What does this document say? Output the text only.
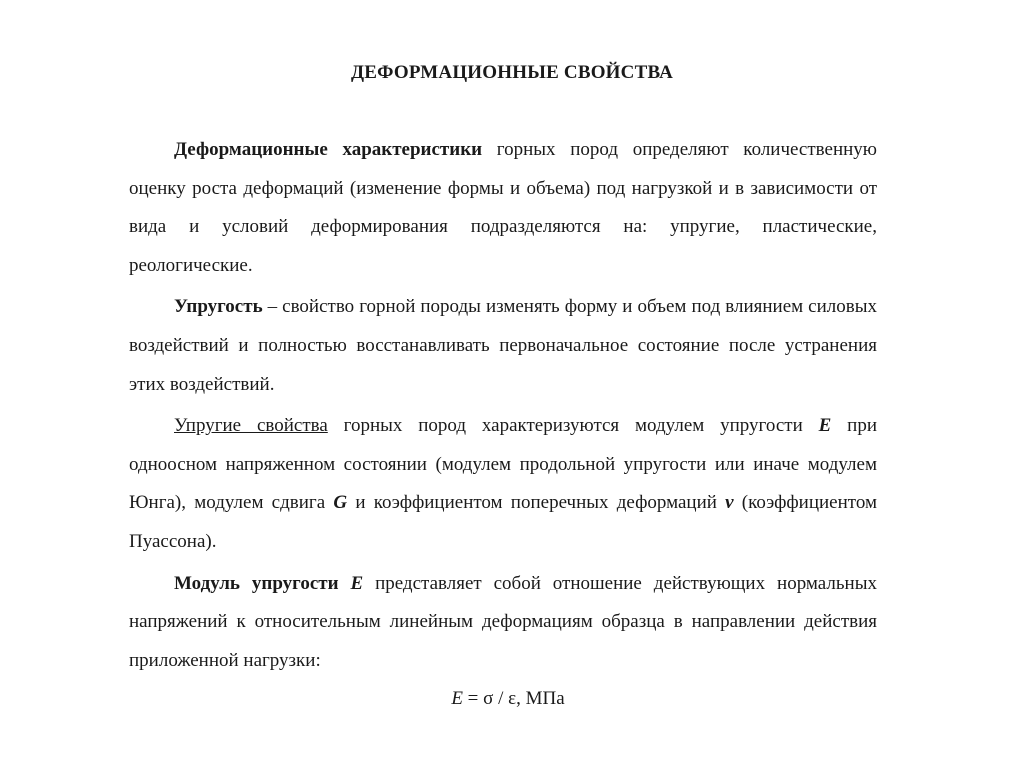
ДЕФОРМАЦИОННЫЕ СВОЙСТВА

Деформационные характеристики горных пород определяют количественную оценку роста деформаций (изменение формы и объема) под нагрузкой и в зависимости от вида и условий деформирования подразделяются на: упругие, пластические, реологические.

Упругость – свойство горной породы изменять форму и объем под влиянием силовых воздействий и полностью восстанавливать первоначальное состояние после устранения этих воздействий.

Упругие свойства горных пород характеризуются модулем упругости E при одноосном напряженном состоянии (модулем продольной упругости или иначе модулем Юнга), модулем сдвига G и коэффициентом поперечных деформаций ν (коэффициентом Пуассона).

Модуль упругости E представляет собой отношение действующих нормальных напряжений к относительным линейным деформациям образца в направлении действия приложенной нагрузки:

E = σ / ε, МПа
